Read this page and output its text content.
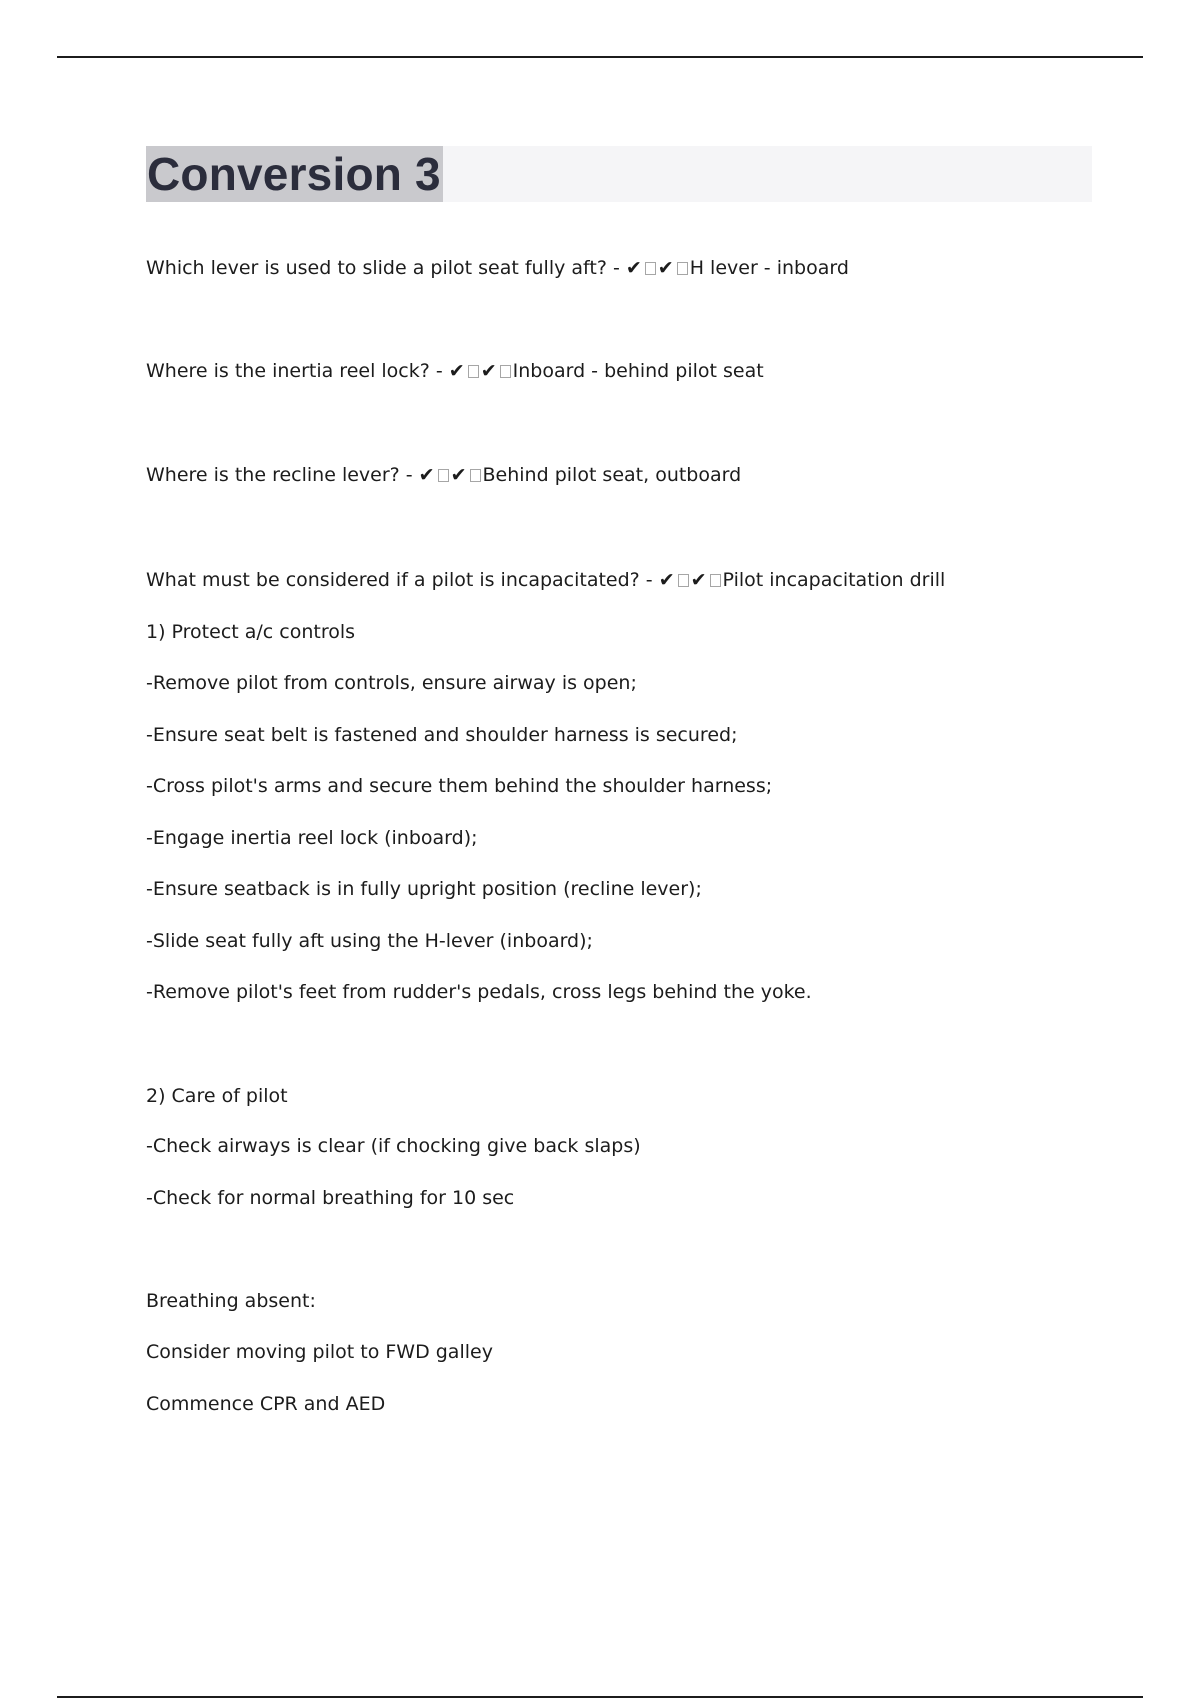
Conversion 3

Which lever is used to slide a pilot seat fully aft? - ✔ ✔ H lever - inboard

Where is the inertia reel lock? - ✔ ✔ Inboard - behind pilot seat

Where is the recline lever? - ✔ ✔ Behind pilot seat, outboard

What must be considered if a pilot is incapacitated? - ✔ ✔ Pilot incapacitation drill

1) Protect a/c controls

-Remove pilot from controls, ensure airway is open;

-Ensure seat belt is fastened and shoulder harness is secured;

-Cross pilot's arms and secure them behind the shoulder harness;

-Engage inertia reel lock (inboard);

-Ensure seatback is in fully upright position (recline lever);

-Slide seat fully aft using the H-lever (inboard);

-Remove pilot's feet from rudder's pedals, cross legs behind the yoke.

2) Care of pilot

-Check airways is clear (if chocking give back slaps)

-Check for normal breathing for 10 sec

Breathing absent:

Consider moving pilot to FWD galley

Commence CPR and AED
